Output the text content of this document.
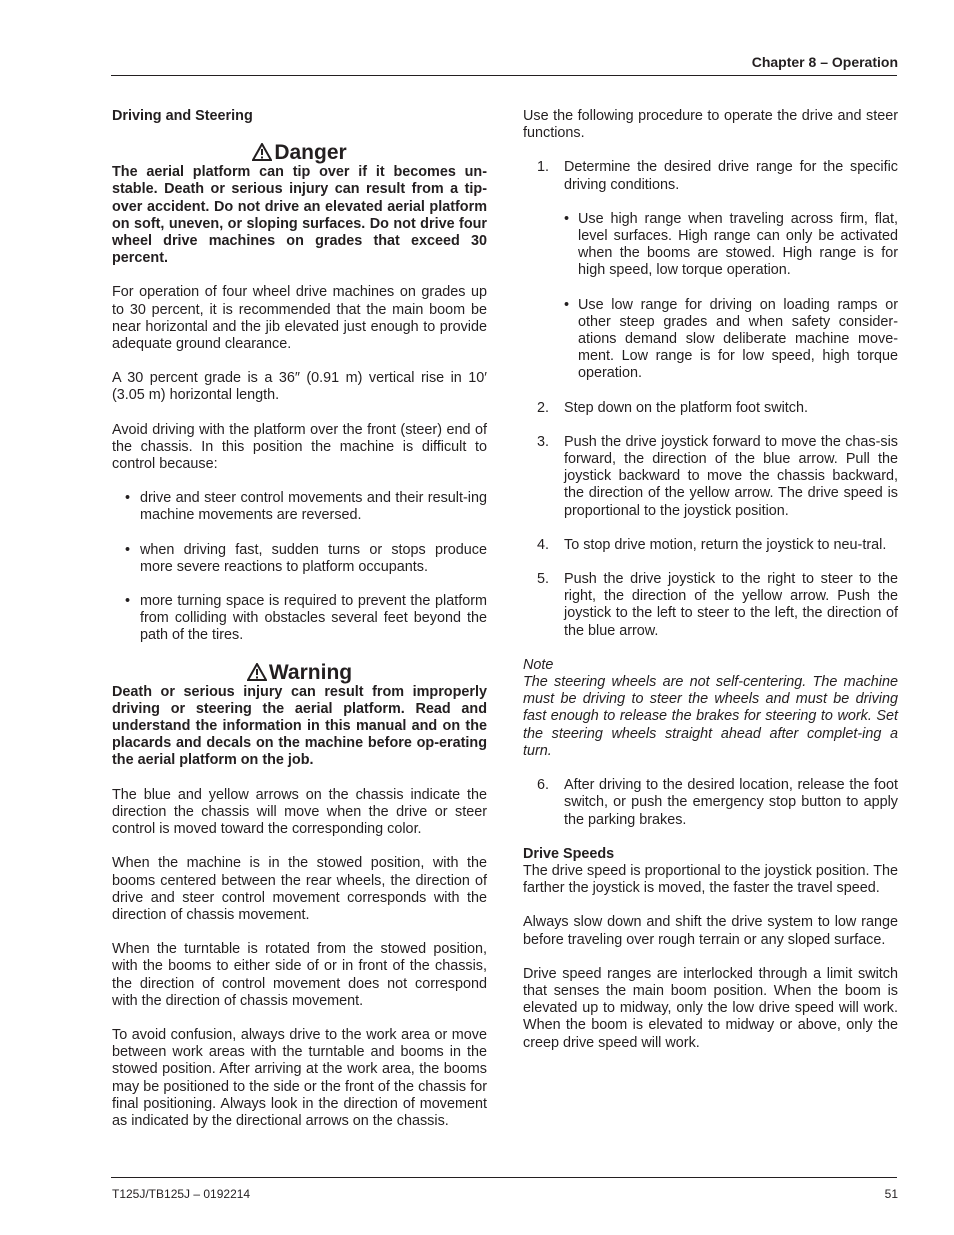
Chapter 8 – Operation
Driving and Steering
Danger

The aerial platform can tip over if it becomes un-stable. Death or serious injury can result from a tip-over accident. Do not drive an elevated aerial platform on soft, uneven, or sloping surfaces. Do not drive four wheel drive machines on grades that exceed 30 percent.

For operation of four wheel drive machines on grades up to 30 percent, it is recommended that the main boom be near horizontal and the jib elevated just enough to provide adequate ground clearance.

A 30 percent grade is a 36″ (0.91 m) vertical rise in 10′ (3.05 m) horizontal length.

Avoid driving with the platform over the front (steer) end of the chassis. In this position the machine is difficult to control because:

• drive and steer control movements and their result-ing machine movements are reversed.
• when driving fast, sudden turns or stops produce more severe reactions to platform occupants.
• more turning space is required to prevent the platform from colliding with obstacles several feet beyond the path of the tires.
Warning

Death or serious injury can result from improperly driving or steering the aerial platform. Read and understand the information in this manual and on the placards and decals on the machine before op-erating the aerial platform on the job.

The blue and yellow arrows on the chassis indicate the direction the chassis will move when the drive or steer control is moved toward the corresponding color.

When the machine is in the stowed position, with the booms centered between the rear wheels, the direction of drive and steer control movement corresponds with the direction of chassis movement.

When the turntable is rotated from the stowed position, with the booms to either side of or in front of the chassis, the direction of control movement does not correspond with the direction of chassis movement.

To avoid confusion, always drive to the work area or move between work areas with the turntable and booms in the stowed position. After arriving at the work area, the booms may be positioned to the side or the front of the chassis for final positioning. Always look in the direction of movement as indicated by the directional arrows on the chassis.

Use the following procedure to operate the drive and steer functions.

1. Determine the desired drive range for the specific driving conditions.
• Use high range when traveling across firm, flat, level surfaces. High range can only be activated when the booms are stowed. High range is for high speed, low torque operation.
• Use low range for driving on loading ramps or other steep grades and when safety consider-ations demand slow deliberate machine move-ment. Low range is for low speed, high torque operation.
2. Step down on the platform foot switch.
3. Push the drive joystick forward to move the chas-sis forward, the direction of the blue arrow. Pull the joystick backward to move the chassis backward, the direction of the yellow arrow. The drive speed is proportional to the joystick position.
4. To stop drive motion, return the joystick to neu-tral.
5. Push the drive joystick to the right to steer to the right, the direction of the yellow arrow. Push the joystick to the left to steer to the left, the direction of the blue arrow.

Note

The steering wheels are not self-centering. The machine must be driving to steer the wheels and must be driving fast enough to release the brakes for steering to work. Set the steering wheels straight ahead after complet-ing a turn.

6. After driving to the desired location, release the foot switch, or push the emergency stop button to apply the parking brakes.

Drive Speeds

The drive speed is proportional to the joystick position. The farther the joystick is moved, the faster the travel speed.

Always slow down and shift the drive system to low range before traveling over rough terrain or any sloped surface.

Drive speed ranges are interlocked through a limit switch that senses the main boom position. When the boom is elevated up to midway, only the low drive speed will work. When the boom is elevated to midway or above, only the creep drive speed will work.

T125J/TB125J – 0192214	51
